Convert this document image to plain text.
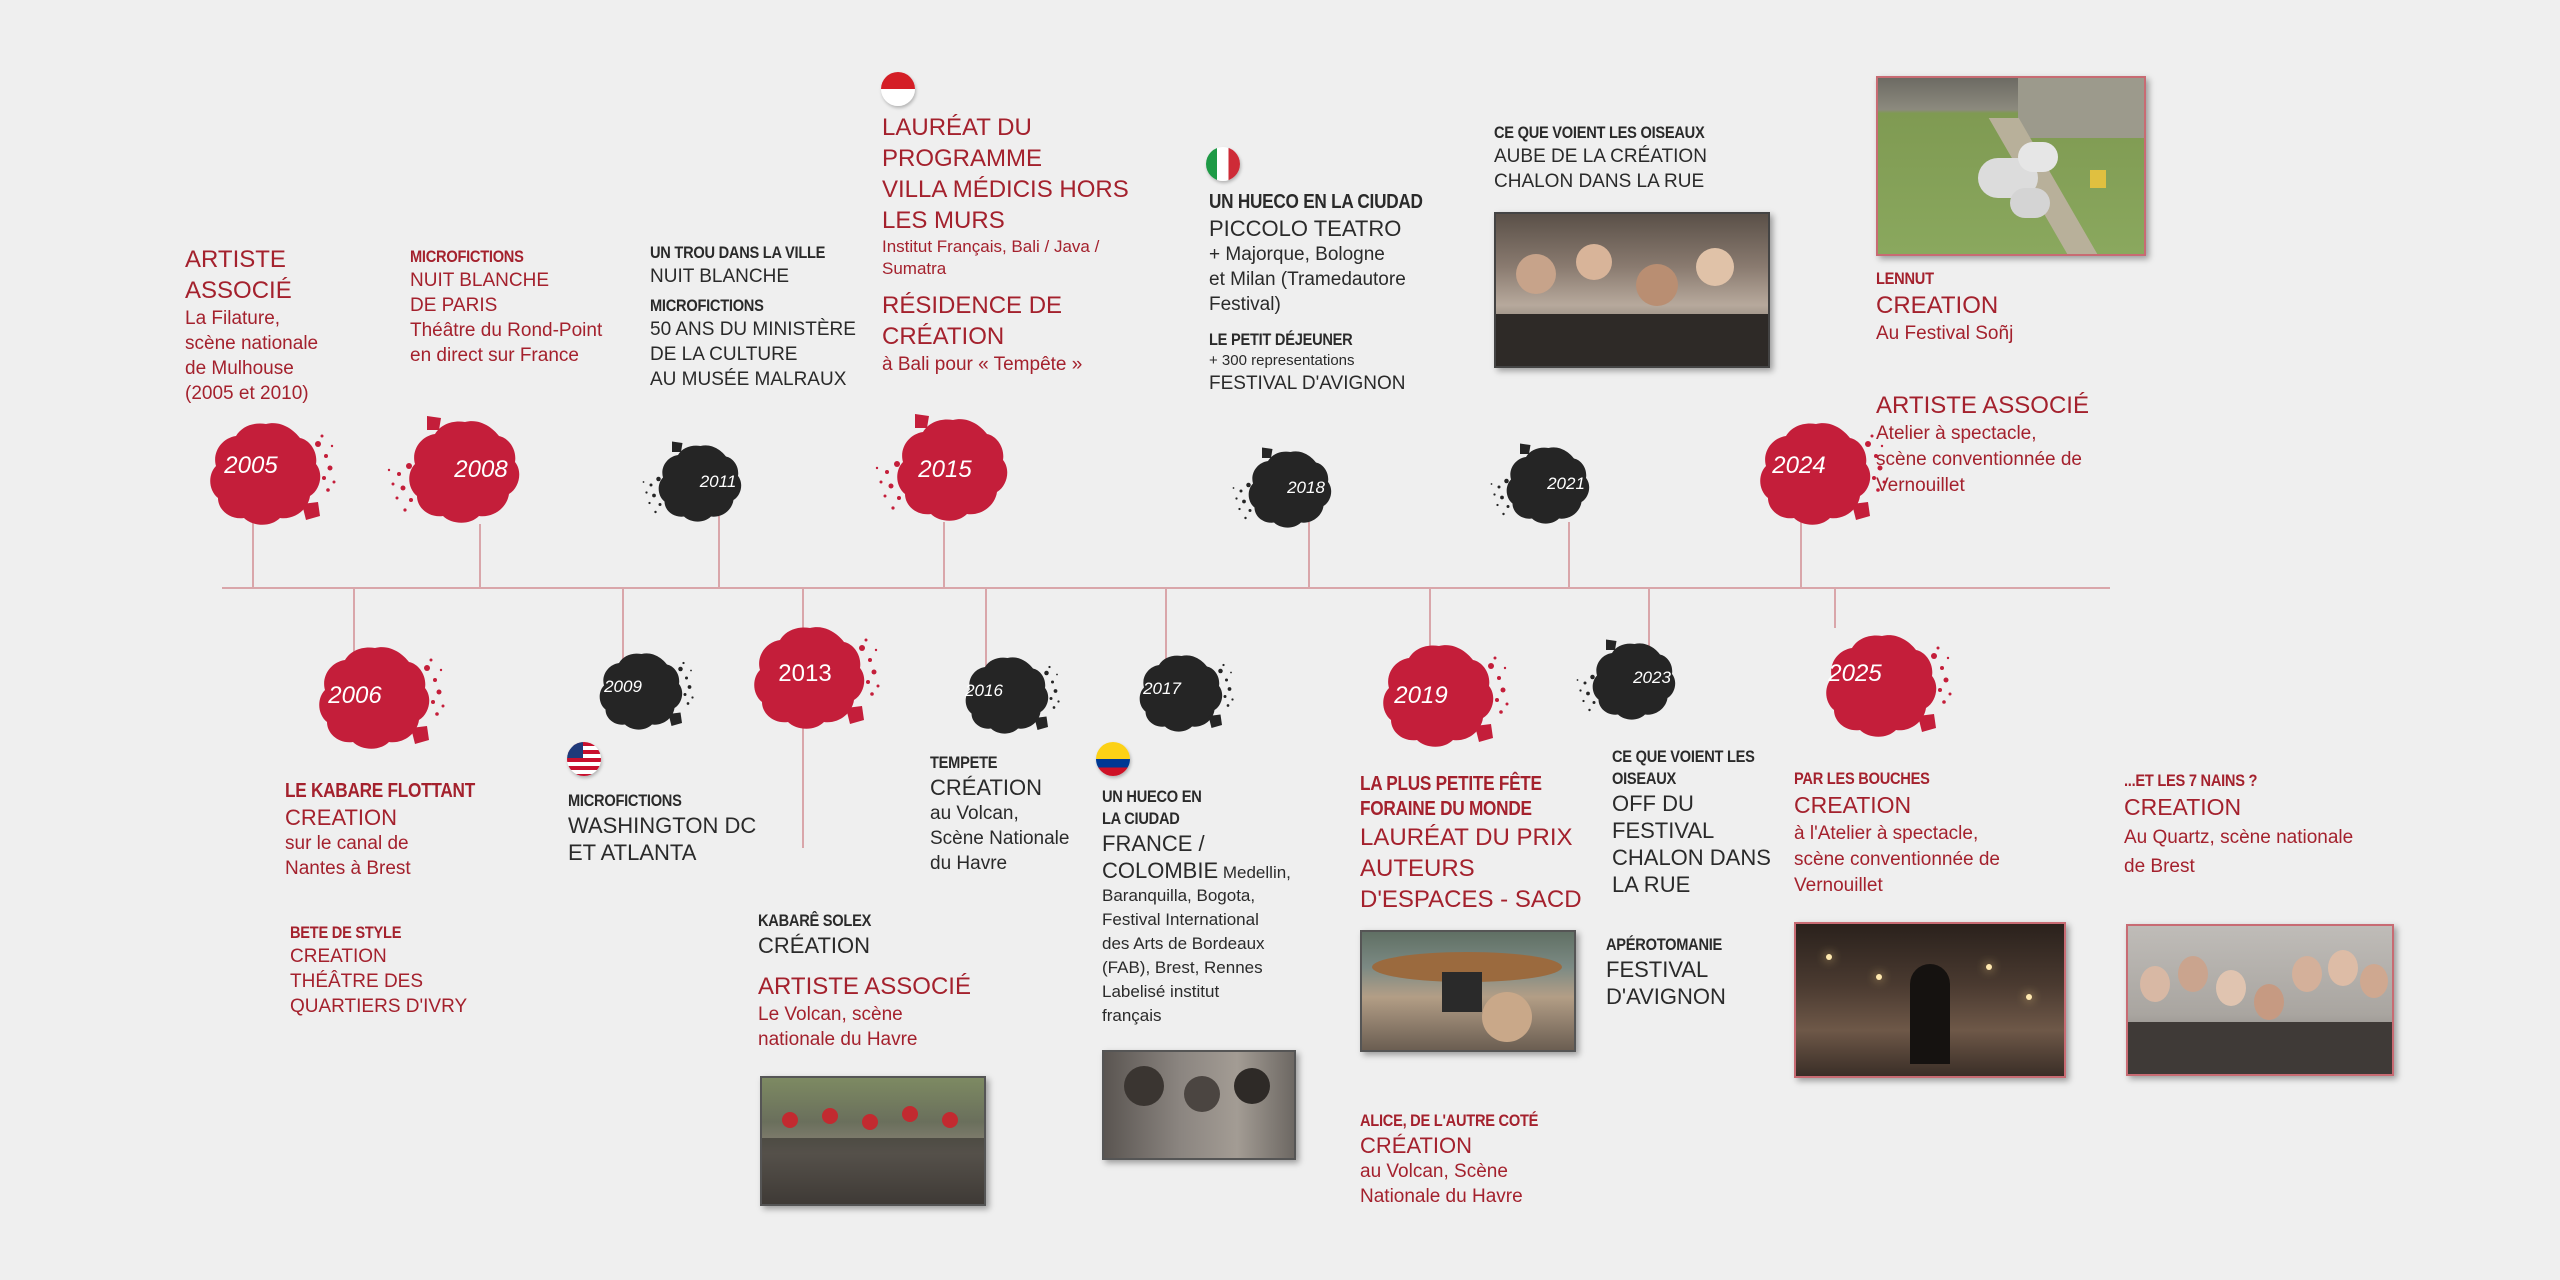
2005	2008	2011	2015
2018	2021
2024
2006	2009	2013
2016	2017	2019
2023	2025
ARTISTE
ASSOCIÉ
La Filature,
scène nationale
de Mulhouse
(2005 et 2010)
MICROFICTIONS
NUIT BLANCHE
DE PARIS
Théâtre du Rond-Point
en direct sur France
UN TROU DANS LA VILLE
NUIT BLANCHE
MICROFICTIONS
50 ANS DU MINISTÈRE
DE LA CULTURE
AU MUSÉE MALRAUX
LAURÉAT DU
PROGRAMME
VILLA MÉDICIS HORS
LES MURS
Institut Français, Bali / Java /
Sumatra
RÉSIDENCE DE
CRÉATION
à Bali pour « Tempête »
UN HUECO EN LA CIUDAD
PICCOLO TEATRO
+ Majorque, Bologne
et Milan (Tramedautore
Festival)
LE PETIT DÉJEUNER
+ 300 representations
FESTIVAL D'AVIGNON
CE QUE VOIENT LES OISEAUX
AUBE DE LA CRÉATION
CHALON DANS LA RUE
LENNUT
CREATION
Au Festival Soñj
ARTISTE ASSOCIÉ
Atelier à spectacle,
scène conventionnée de
Vernouillet
LE KABARE FLOTTANT
CREATION
sur le canal de
Nantes à Brest
BETE DE STYLE
CREATION
THÉÂTRE DES
QUARTIERS D'IVRY
MICROFICTIONS
WASHINGTON DC
ET ATLANTA
KABARÊ SOLEX
CRÉATION
ARTISTE ASSOCIÉ
Le Volcan, scène
nationale du Havre
TEMPETE
CRÉATION
au Volcan,
Scène Nationale
du Havre
UN HUECO EN
LA CIUDAD
FRANCE /
COLOMBIE Medellin,
Baranquilla, Bogota,
Festival International
des Arts de Bordeaux
(FAB), Brest, Rennes
Labelisé institut
français
LA PLUS PETITE FÊTE
FORAINE DU MONDE
LAURÉAT DU PRIX
AUTEURS
D'ESPACES - SACD
ALICE, DE L'AUTRE COTÉ
CRÉATION
au Volcan, Scène
Nationale du Havre
CE QUE VOIENT LES
OISEAUX
OFF DU
FESTIVAL
CHALON DANS
LA RUE
APÉROTOMANIE
FESTIVAL
D'AVIGNON
PAR LES BOUCHES
CREATION
à l'Atelier à spectacle,
scène conventionnée de
Vernouillet
...ET LES 7 NAINS ?
CREATION
Au Quartz, scène nationale
de Brest
